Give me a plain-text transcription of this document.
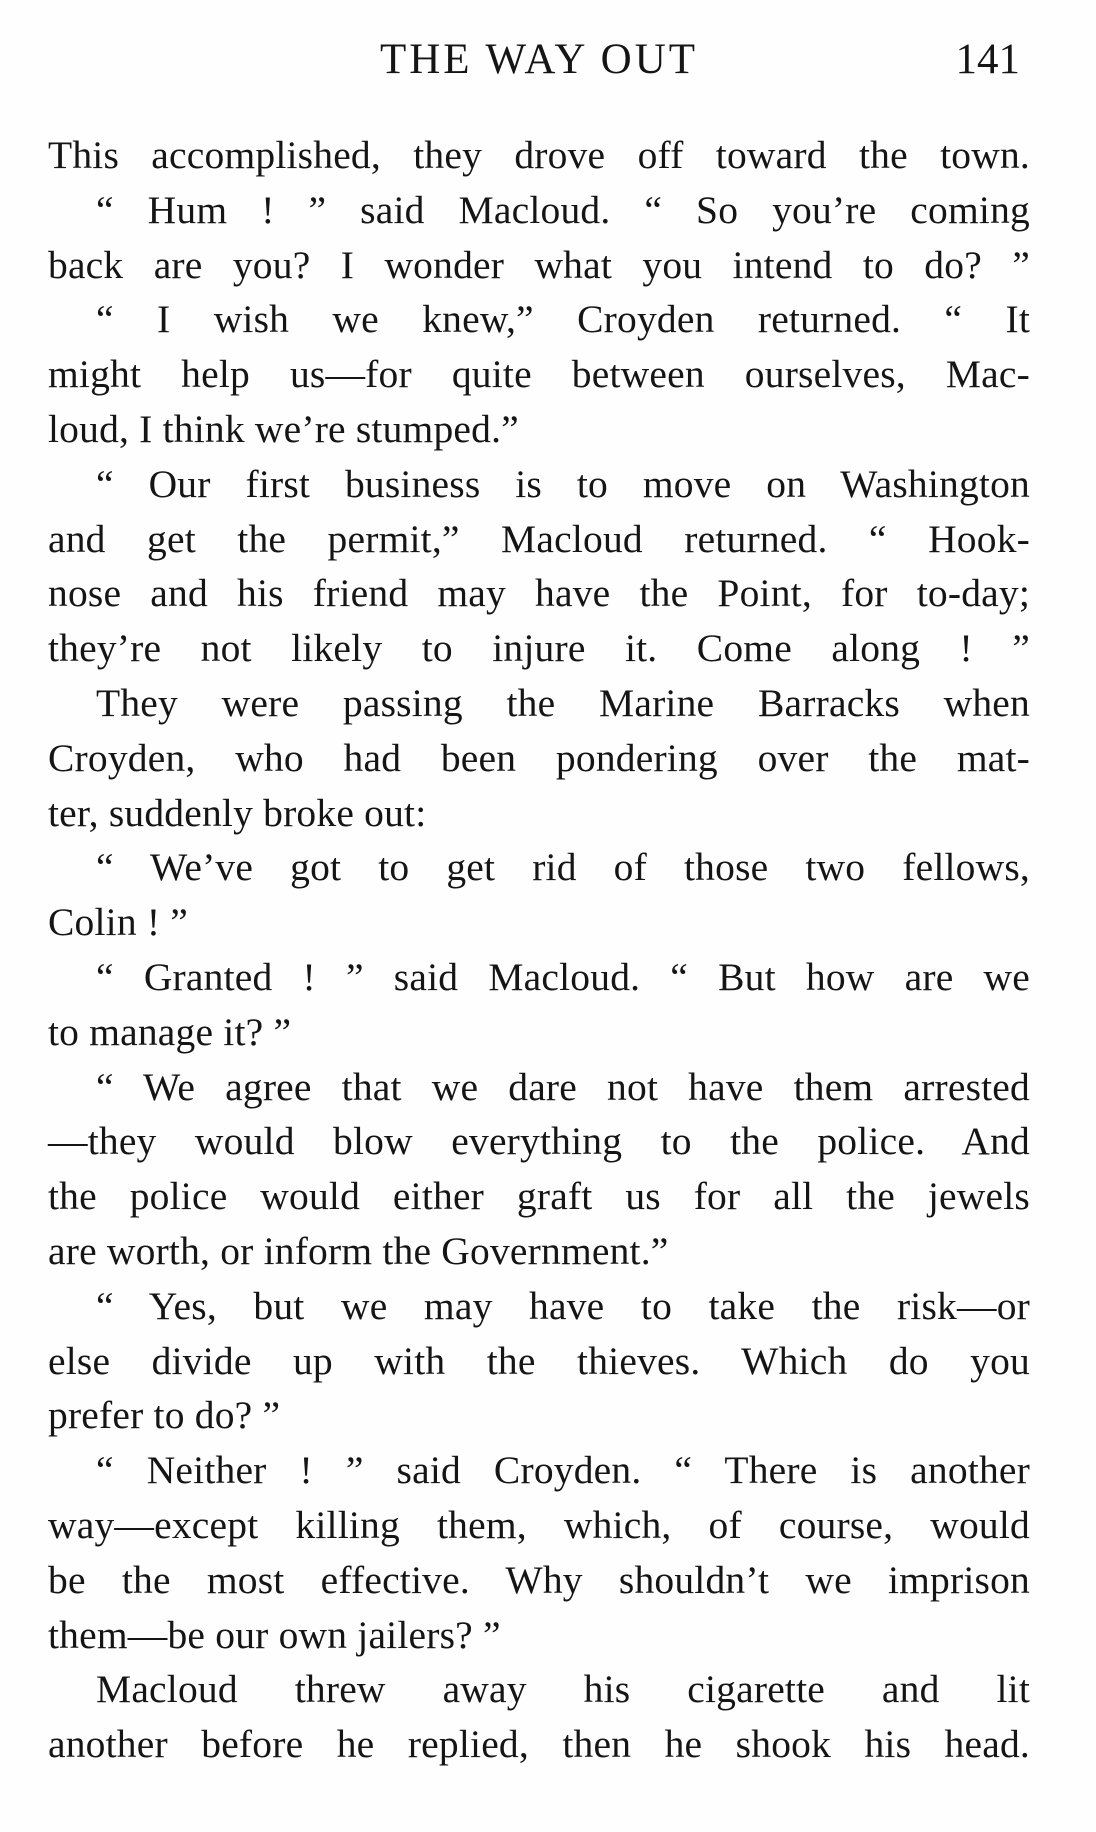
THE WAY OUT	141

This accomplished, they drove off toward the town.

“ Hum ! ” said Macloud. “ So you’re coming
back are you? I wonder what you intend to do? ”

“ I wish we knew,” Croyden returned. “ It
might help us—for quite between ourselves, Mac-
loud, I think we’re stumped.”

“ Our first business is to move on Washington
and get the permit,” Macloud returned. “ Hook-
nose and his friend may have the Point, for to-day;
they’re not likely to injure it. Come along ! ”

They were passing the Marine Barracks when
Croyden, who had been pondering over the mat-
ter, suddenly broke out:

“ We’ve got to get rid of those two fellows,
Colin ! ”

“ Granted ! ” said Macloud. “ But how are we
to manage it? ”

“ We agree that we dare not have them arrested
—they would blow everything to the police. And
the police would either graft us for all the jewels
are worth, or inform the Government.”

“ Yes, but we may have to take the risk—or
else divide up with the thieves. Which do you
prefer to do? ”

“ Neither ! ” said Croyden. “ There is another
way—except killing them, which, of course, would
be the most effective. Why shouldn’t we imprison
them—be our own jailers? ”

Macloud threw away his cigarette and lit
another before he replied, then he shook his head.
